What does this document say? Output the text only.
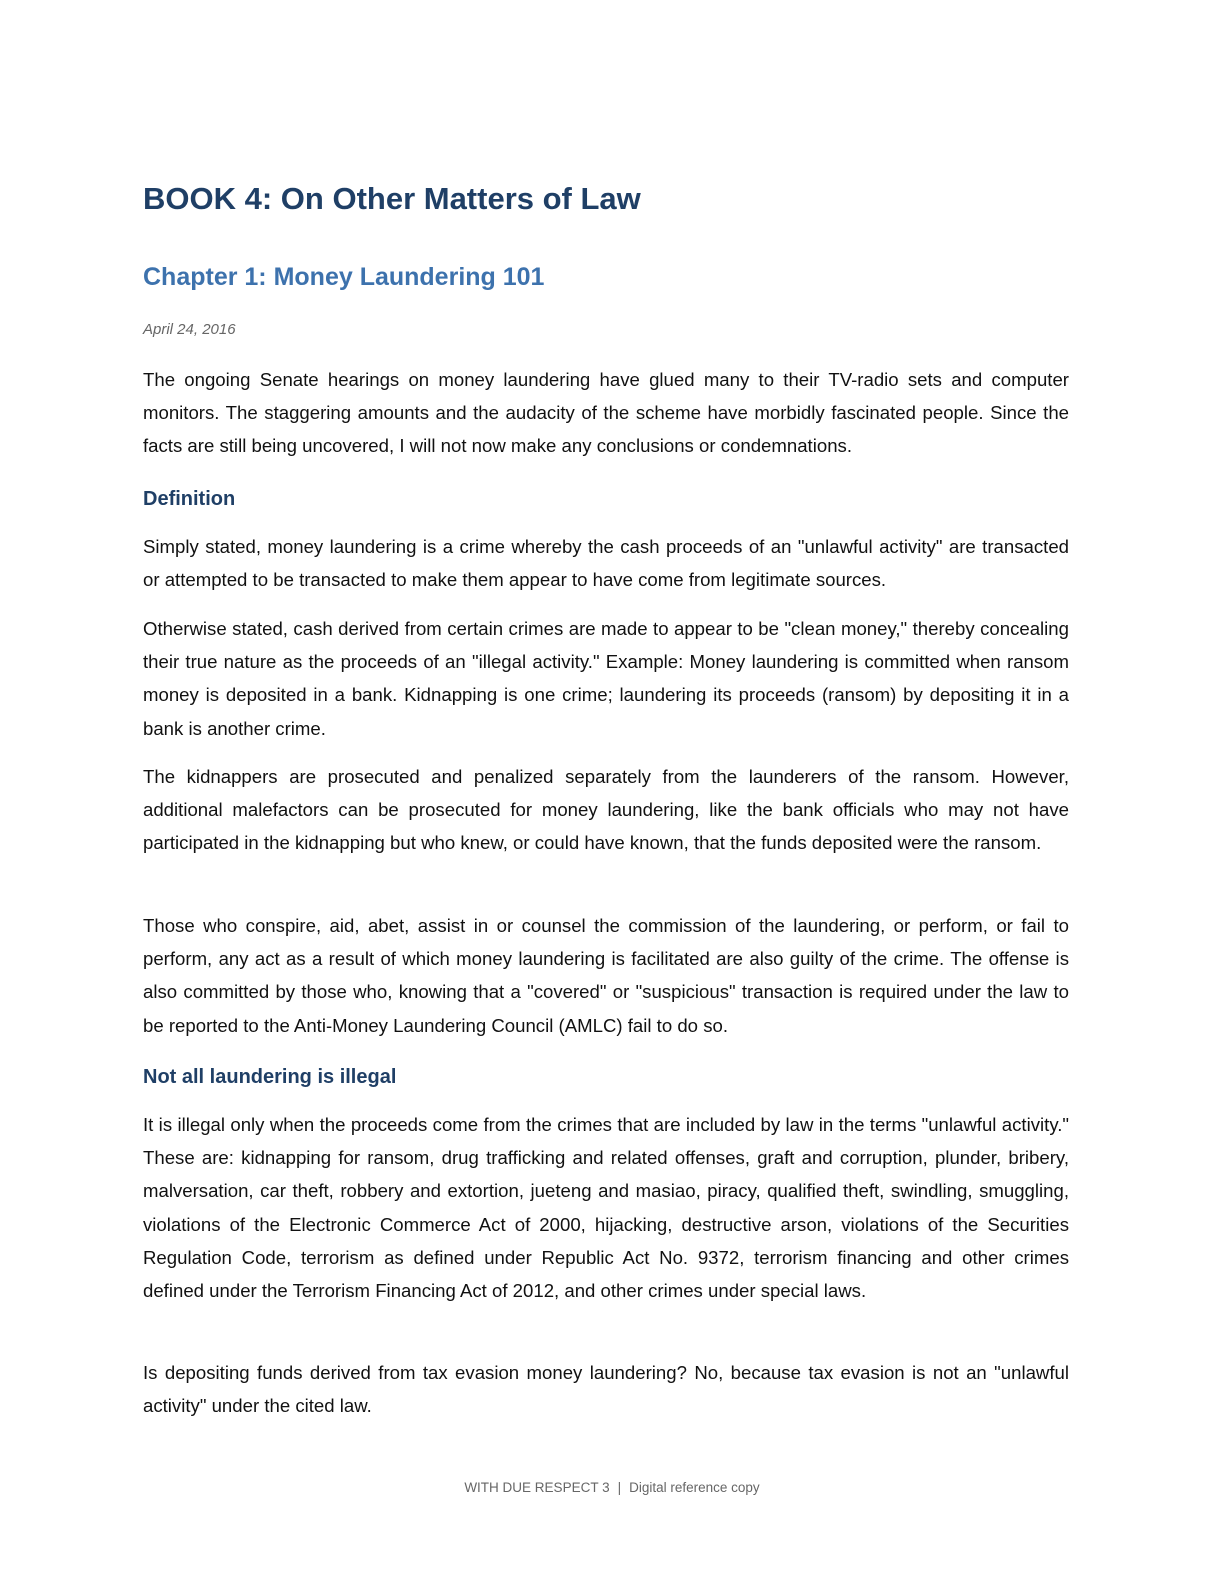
BOOK 4: On Other Matters of Law
Chapter 1: Money Laundering 101

April 24, 2016

The ongoing Senate hearings on money laundering have glued many to their TV-radio sets and computer monitors. The staggering amounts and the audacity of the scheme have morbidly fascinated people. Since the facts are still being uncovered, I will not now make any conclusions or condemnations.

Definition

Simply stated, money laundering is a crime whereby the cash proceeds of an "unlawful activity" are transacted or attempted to be transacted to make them appear to have come from legitimate sources.

Otherwise stated, cash derived from certain crimes are made to appear to be "clean money," thereby concealing their true nature as the proceeds of an "illegal activity." Example: Money laundering is committed when ransom money is deposited in a bank. Kidnapping is one crime; laundering its proceeds (ransom) by depositing it in a bank is another crime.

The kidnappers are prosecuted and penalized separately from the launderers of the ransom. However, additional malefactors can be prosecuted for money laundering, like the bank officials who may not have participated in the kidnapping but who knew, or could have known, that the funds deposited were the ransom.

Those who conspire, aid, abet, assist in or counsel the commission of the laundering, or perform, or fail to perform, any act as a result of which money laundering is facilitated are also guilty of the crime. The offense is also committed by those who, knowing that a "covered" or "suspicious" transaction is required under the law to be reported to the Anti-Money Laundering Council (AMLC) fail to do so.

Not all laundering is illegal

It is illegal only when the proceeds come from the crimes that are included by law in the terms "unlawful activity." These are: kidnapping for ransom, drug trafficking and related offenses, graft and corruption, plunder, bribery, malversation, car theft, robbery and extortion, jueteng and masiao, piracy, qualified theft, swindling, smuggling, violations of the Electronic Commerce Act of 2000, hijacking, destructive arson, violations of the Securities Regulation Code, terrorism as defined under Republic Act No. 9372, terrorism financing and other crimes defined under the Terrorism Financing Act of 2012, and other crimes under special laws.

Is depositing funds derived from tax evasion money laundering? No, because tax evasion is not an "unlawful activity" under the cited law.

WITH DUE RESPECT 3 | Digital reference copy
